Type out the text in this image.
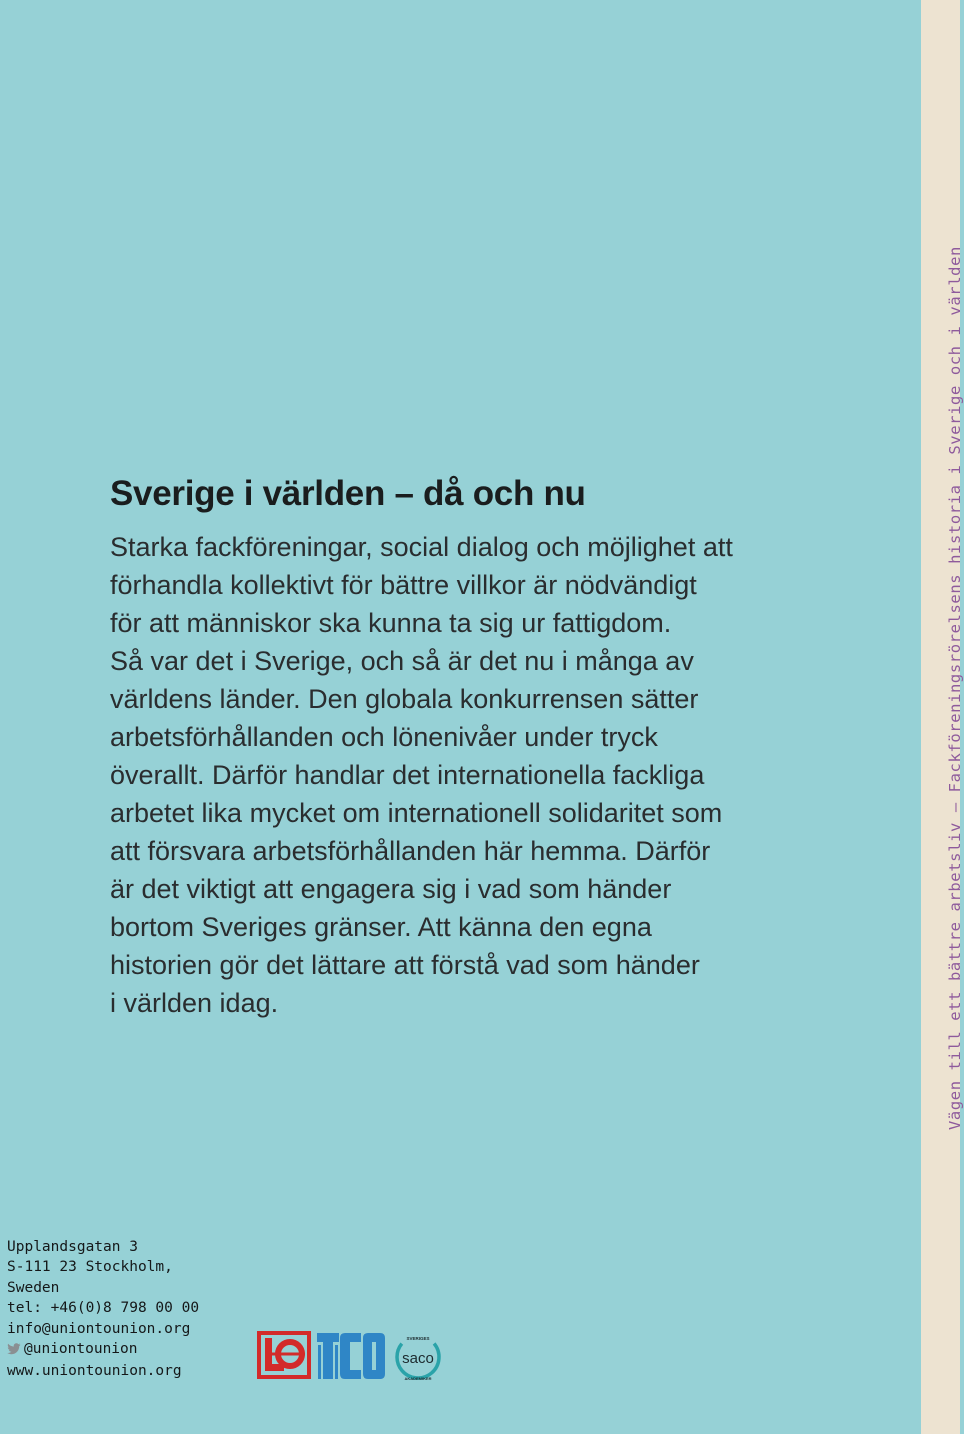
Vägen till ett bättre arbetsliv – Fackföreningsrörelsens historia i Sverige och i världen
Sverige i världen – då och nu
Starka fackföreningar, social dialog och möjlighet att
förhandla kollektivt för bättre villkor är nödvändigt
för att människor ska kunna ta sig ur fattigdom.
Så var det i Sverige, och så är det nu i många av
världens länder. Den globala konkurrensen sätter
arbetsförhållanden och lönenivåer under tryck
överallt. Därför handlar det internationella fackliga
arbetet lika mycket om internationell solidaritet som
att försvara arbetsförhållanden här hemma. Därför
är det viktigt att engagera sig i vad som händer
bortom Sveriges gränser. Att känna den egna
historien gör det lättare att förstå vad som händer
i världen idag.
Upplandsgatan 3
S-111 23 Stockholm,
Sweden
tel: +46(0)8 798 00 00
info@uniontounion.org
@uniontounion
www.uniontounion.org
saco
SVERIGES
AKADEMIKER
